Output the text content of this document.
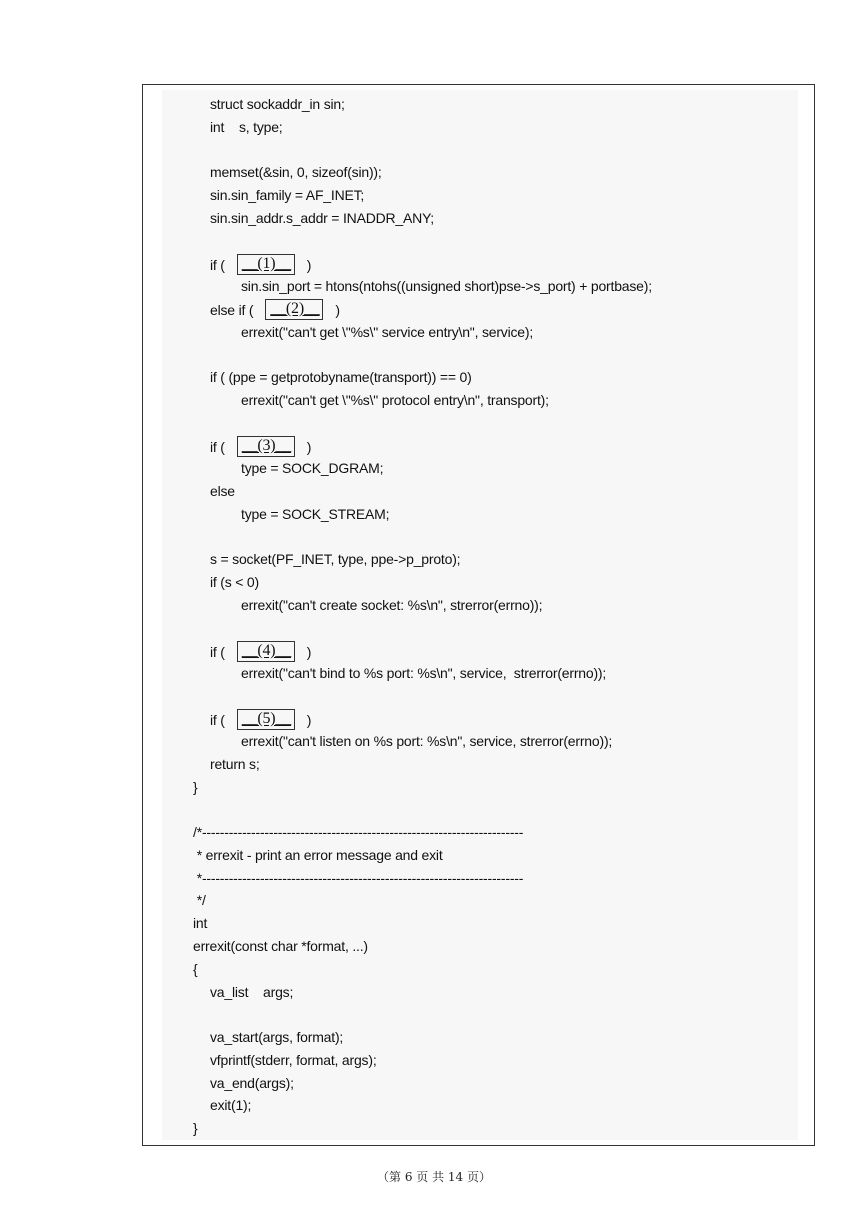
struct sockaddr_in sin;
int    s, type;
memset(&sin, 0, sizeof(sin));
sin.sin_family = AF_INET;
sin.sin_addr.s_addr = INADDR_ANY;
if ( __(1)__ )
sin.sin_port = htons(ntohs((unsigned short)pse->s_port) + portbase);
else if ( __(2)__ )
errexit("can't get \"%s\" service entry\n", service);
if ( (ppe = getprotobyname(transport)) == 0)
errexit("can't get \"%s\" protocol entry\n", transport);
if ( __(3)__ )
type = SOCK_DGRAM;
else
type = SOCK_STREAM;
s = socket(PF_INET, type, ppe->p_proto);
if (s < 0)
errexit("can't create socket: %s\n", strerror(errno));
if ( __(4)__ )
errexit("can't bind to %s port: %s\n", service,  strerror(errno));
if ( __(5)__ )
errexit("can't listen on %s port: %s\n", service, strerror(errno));
return s;
}
/*------------------------------------------------------------------------
* errexit - print an error message and exit
*------------------------------------------------------------------------
*/
int
errexit(const char *format, ...)
{
va_list    args;
va_start(args, format);
vfprintf(stderr, format, args);
va_end(args);
exit(1);
}
（第 6 页 共 14 页）
